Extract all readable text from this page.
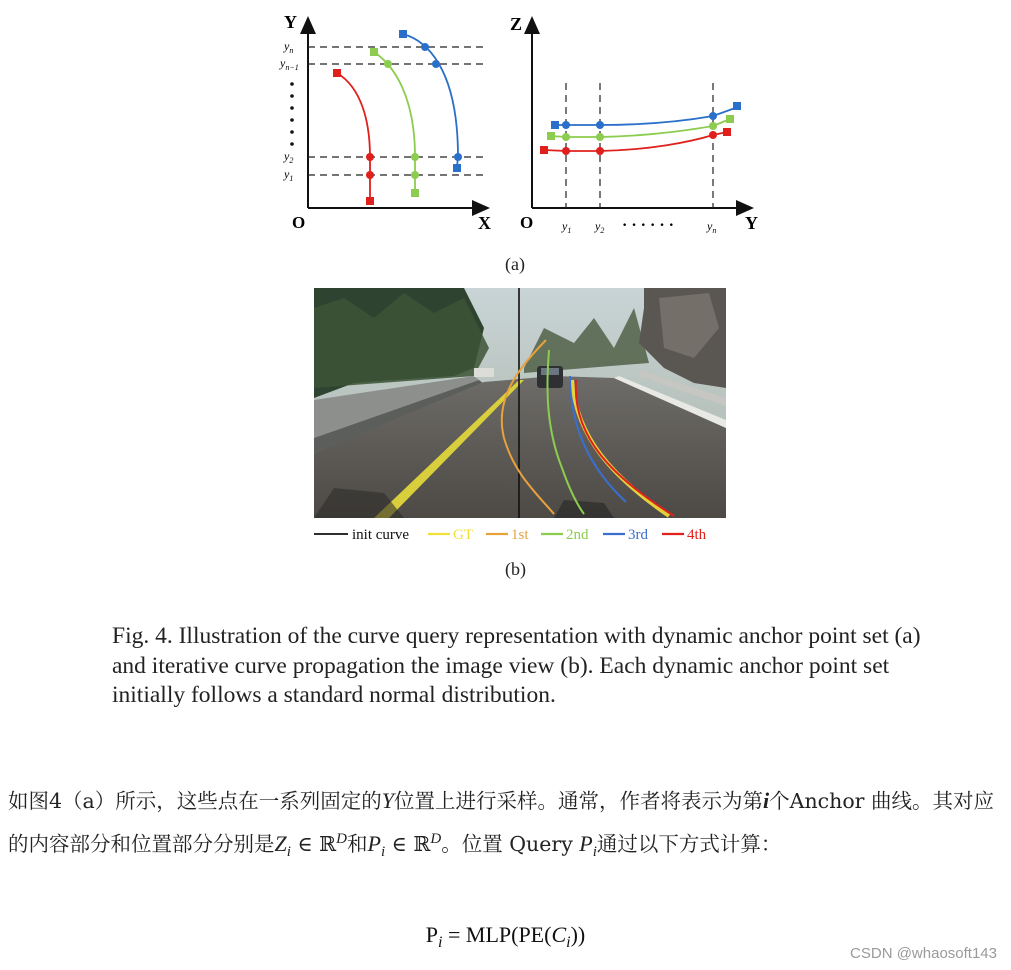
Y
X
O
$y_n$
$y_{n-1}$
$y_2$
$y_1$
Z
Y
O $y_1$ $y_2$ · · · · · ·	$y_n$
(a)
init curve	GT	1st 2nd	3rd	4th
(b)
Fig. 4. Illustration of the curve query representation with dynamic anchor point set (a) and iterative curve propagation the image view (b). Each dynamic anchor point set initially follows a standard normal distribution.
如图4（a）所示，这些点在一系列固定的Y位置上进行采样。通常，作者将表示为第i个Anchor 曲线。其对应的内容部分和位置部分分别是$Z_i$ ∈ ℝ$^D$和$P_i$ ∈ ℝ$^D$。位置 Query $P_i$通过以下方式计算：
$P_i = MLP(PE(C_i))$
CSDN @whaosoft143
